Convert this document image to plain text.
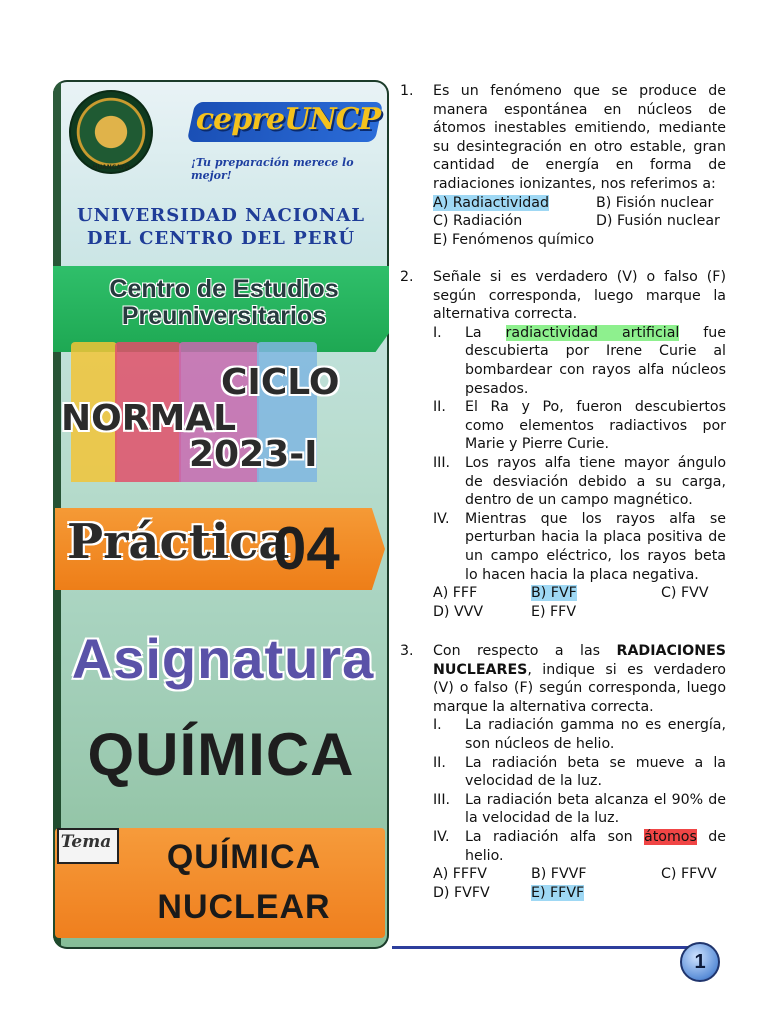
HUANCAYO
cepreUNCP
¡Tu preparación merece lo mejor!
UNIVERSIDAD NACIONAL
DEL CENTRO DEL PERÚ
Centro de Estudios
Preuniversitarios
CICLO
NORMAL
2023-I
Práctica
04
Asignatura
QUÍMICA
Tema	QUÍMICA
NUCLEAR
1.	Es un fenómeno que se produce de manera espontánea en núcleos de átomos inestables emitiendo, mediante su desintegración en otro estable, gran cantidad de energía en forma de radiaciones ionizantes, nos referimos a:
A) Radiactividad	B) Fisión nuclear
C) Radiación	D) Fusión nuclear
E) Fenómenos químico
2.	Señale si es verdadero (V) o falso (F) según corresponda, luego marque la alternativa correcta.
I.	La radiactividad artificial fue descubierta por Irene Curie al bombardear con rayos alfa núcleos pesados.
II.	El Ra y Po, fueron descubiertos como elementos radiactivos por Marie y Pierre Curie.
III.	Los rayos alfa tiene mayor ángulo de desviación debido a su carga, dentro de un campo magnético.
IV.	Mientras que los rayos alfa se perturban hacia la placa positiva de un campo eléctrico, los rayos beta lo hacen hacia la placa negativa.
A) FFF	B) FVF	C) FVV
D) VVV	E) FFV
3.	Con respecto a las RADIACIONES NUCLEARES, indique si es verdadero (V) o falso (F) según corresponda, luego marque la alternativa correcta.
I.	La radiación gamma no es energía, son núcleos de helio.
II.	La radiación beta se mueve a la velocidad de la luz.
III.	La radiación beta alcanza el 90% de la velocidad de la luz.
IV.	La radiación alfa son átomos de helio.
A) FFFV	B) FVVF	C) FFVV
D) FVFV	E) FFVF
1
